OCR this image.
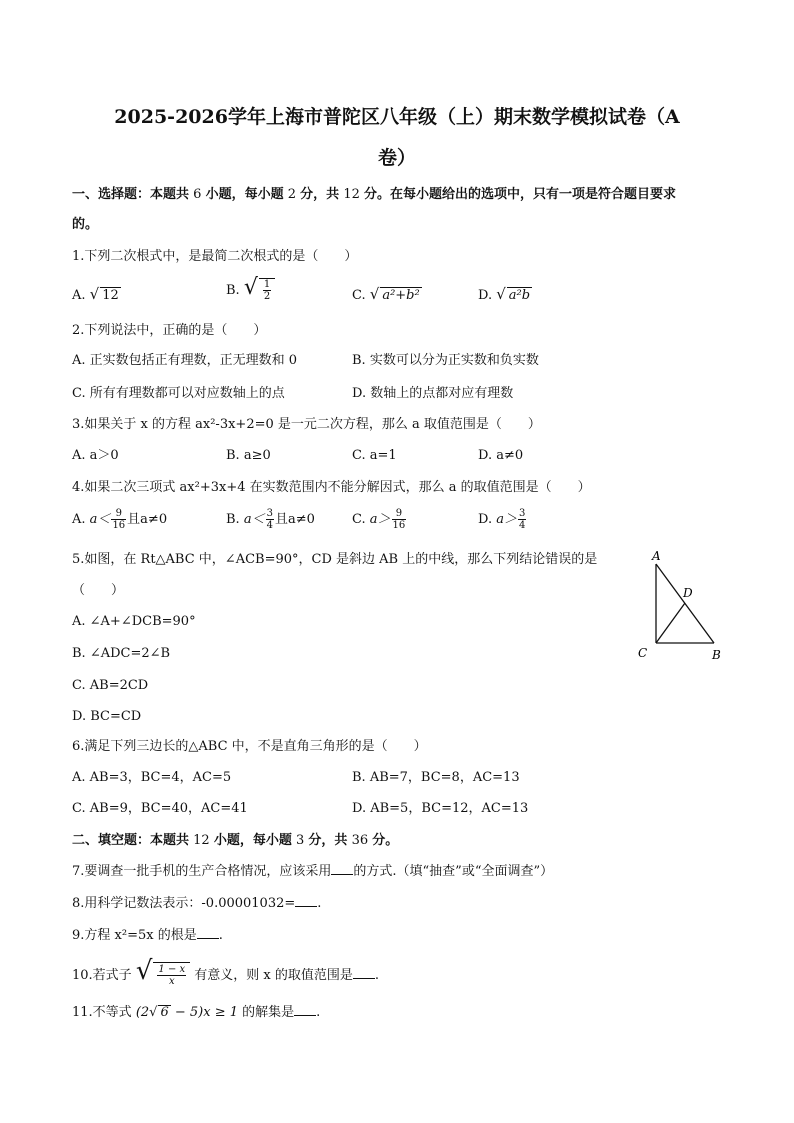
2025-2026学年上海市普陀区八年级（上）期末数学模拟试卷（A
卷）
一、选择题：本题共 6 小题，每小题 2 分，共 12 分。在每小题给出的选项中，只有一项是符合题目要求
的。
1.下列二次根式中，是最简二次根式的是（　　）
A. √ 12	B. √ $\frac{1}{2}$	C. √ a²+b²	D. √ a²b
2.下列说法中，正确的是（　　）
A. 正实数包括正有理数，正无理数和 0	B. 实数可以分为正实数和负实数
C. 所有有理数都可以对应数轴上的点	D. 数轴上的点都对应有理数
3.如果关于 x 的方程 ax²-3x+2=0 是一元二次方程，那么 a 取值范围是（　　）
A. a＞0	B. a≥0	C. a=1	D. a≠0
4.如果二次三项式 ax²+3x+4 在实数范围内不能分解因式，那么 a 的取值范围是（　　）
A. $a< \frac{9}{16}$ 且a≠0	B. $a< \frac{3}{4}$ 且a≠0	C. $a> \frac{9}{16}$	D. $a> \frac{3}{4}$
5.如图，在 Rt△ABC 中，∠ACB=90°，CD 是斜边 AB 上的中线，那么下列结论错误的是
（　　）
A. ∠A+∠DCB=90°
B. ∠ADC=2∠B
C. AB=2CD
D. BC=CD
A
D
C	B
6.满足下列三边长的△ABC 中，不是直角三角形的是（　　）
A. AB=3，BC=4，AC=5	B. AB=7，BC=8，AC=13
C. AB=9，BC=40，AC=41	D. AB=5，BC=12，AC=13
二、填空题：本题共 12 小题，每小题 3 分，共 36 分。
7.要调查一批手机的生产合格情况，应该采用 的方式.（填“抽查”或“全面调查”）
8.用科学记数法表示：-0.00001032= .
9.方程 x²=5x 的根是 .
10.若式子 √ $\frac{1 - x}{x}$ 有意义，则 x 的取值范围是 .
11.不等式 (2√ 6 − 5)x ≥ 1 的解集是 .
